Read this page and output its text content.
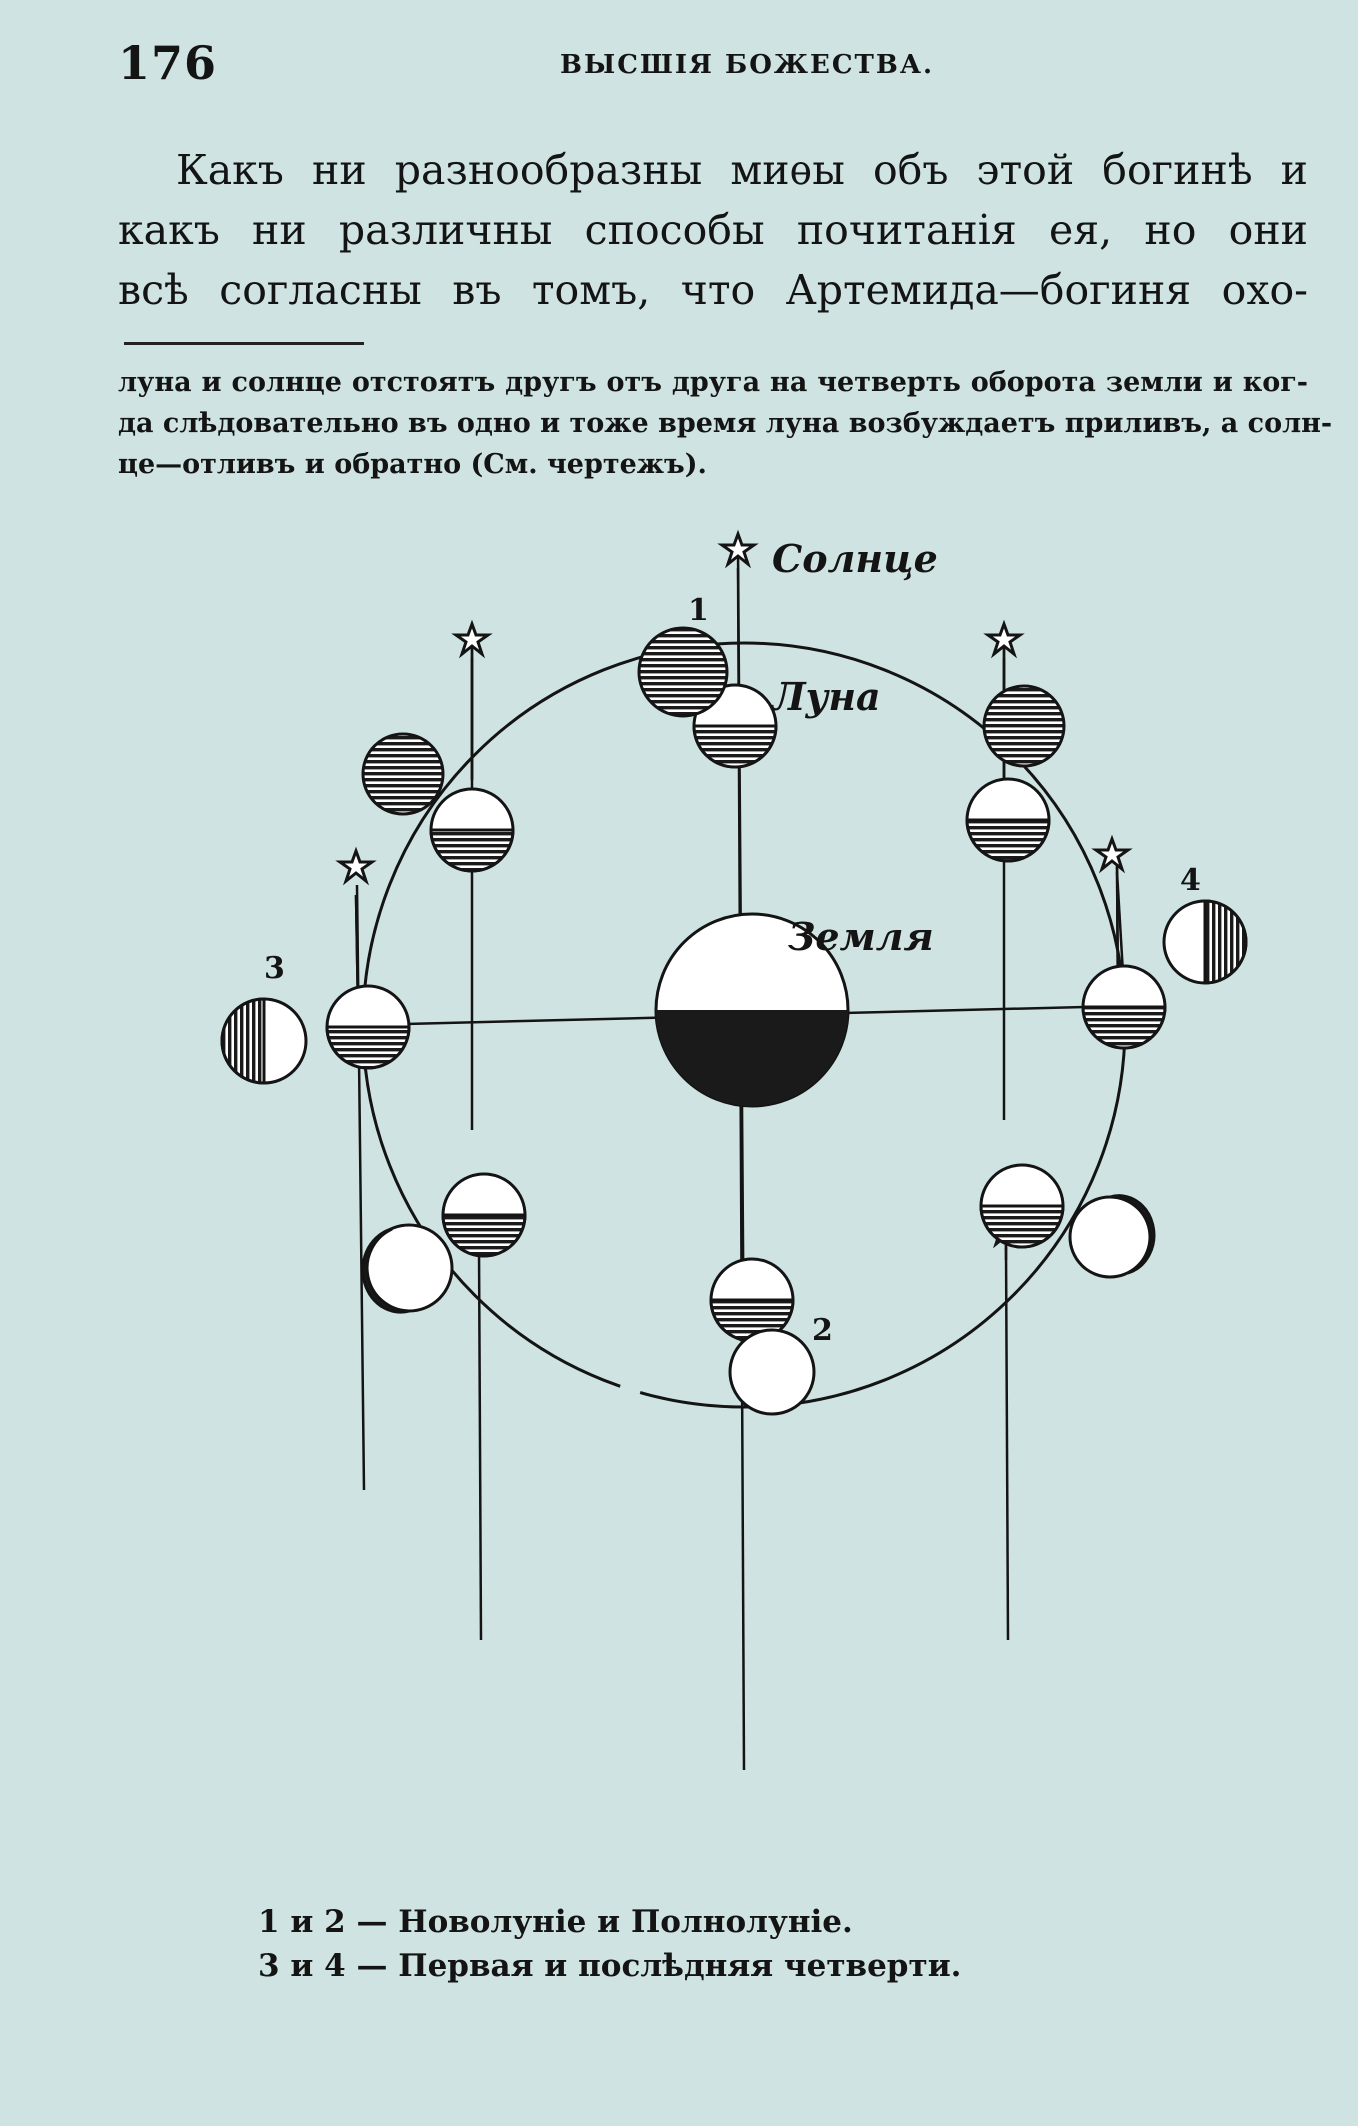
176	ВЫСШІЯ БОЖЕСТВА.
Какъ ни разнообразны миѳы объ этой богинѣ и
какъ ни различны способы почитанія ея, но они
всѣ согласны въ томъ, что Артемида—богиня охо-
луна и солнце отстоятъ другъ отъ друга на четверть оборота земли и ког-
да слѣдовательно въ одно и тоже время луна возбуждаетъ приливъ, а солн-
це—отливъ и обратно (См. чертежъ).
Солнце
Луна
Земля
1
2
3
4
1 и 2 — Новолуніе и Полнолуніе.
3 и 4 — Первая и послѣдняя четверти.
